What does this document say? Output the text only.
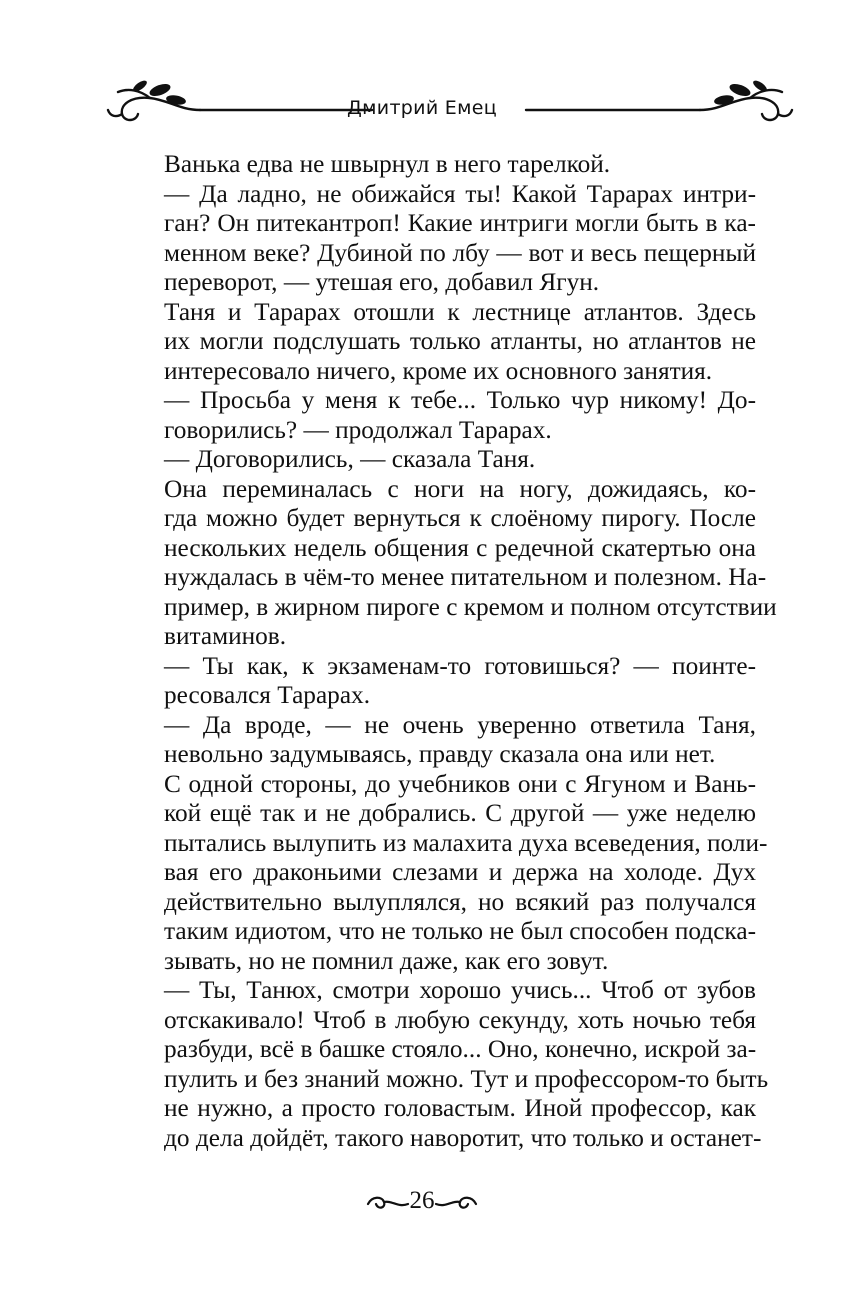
Дмитрий Емец
Ванька едва не швырнул в него тарелкой.
— Да ладно, не обижайся ты! Какой Тарарах интри-
ган? Он питекантроп! Какие интриги могли быть в ка-
менном веке? Дубиной по лбу — вот и весь пещерный
переворот, — утешая его, добавил Ягун.
Таня и Тарарах отошли к лестнице атлантов. Здесь
их могли подслушать только атланты, но атлантов не
интересовало ничего, кроме их основного занятия.
— Просьба у меня к тебе... Только чур никому! До-
говорились? — продолжал Тарарах.
— Договорились, — сказала Таня.
Она переминалась с ноги на ногу, дожидаясь, ко-
гда можно будет вернуться к слоёному пирогу. После
нескольких недель общения с редечной скатертью она
нуждалась в чём-то менее питательном и полезном. На-
пример, в жирном пироге с кремом и полном отсутствии
витаминов.
— Ты как, к экзаменам-то готовишься? — поинте-
ресовался Тарарах.
— Да вроде, — не очень уверенно ответила Таня,
невольно задумываясь, правду сказала она или нет.
С одной стороны, до учебников они с Ягуном и Вань-
кой ещё так и не добрались. С другой — уже неделю
пытались вылупить из малахита духа всеведения, поли-
вая его драконьими слезами и держа на холоде. Дух
действительно вылуплялся, но всякий раз получался
таким идиотом, что не только не был способен подска-
зывать, но не помнил даже, как его зовут.
— Ты, Танюх, смотри хорошо учись... Чтоб от зубов
отскакивало! Чтоб в любую секунду, хоть ночью тебя
разбуди, всё в башке стояло... Оно, конечно, искрой за-
пулить и без знаний можно. Тут и профессором-то быть
не нужно, а просто головастым. Иной профессор, как
до дела дойдёт, такого наворотит, что только и останет-
26
